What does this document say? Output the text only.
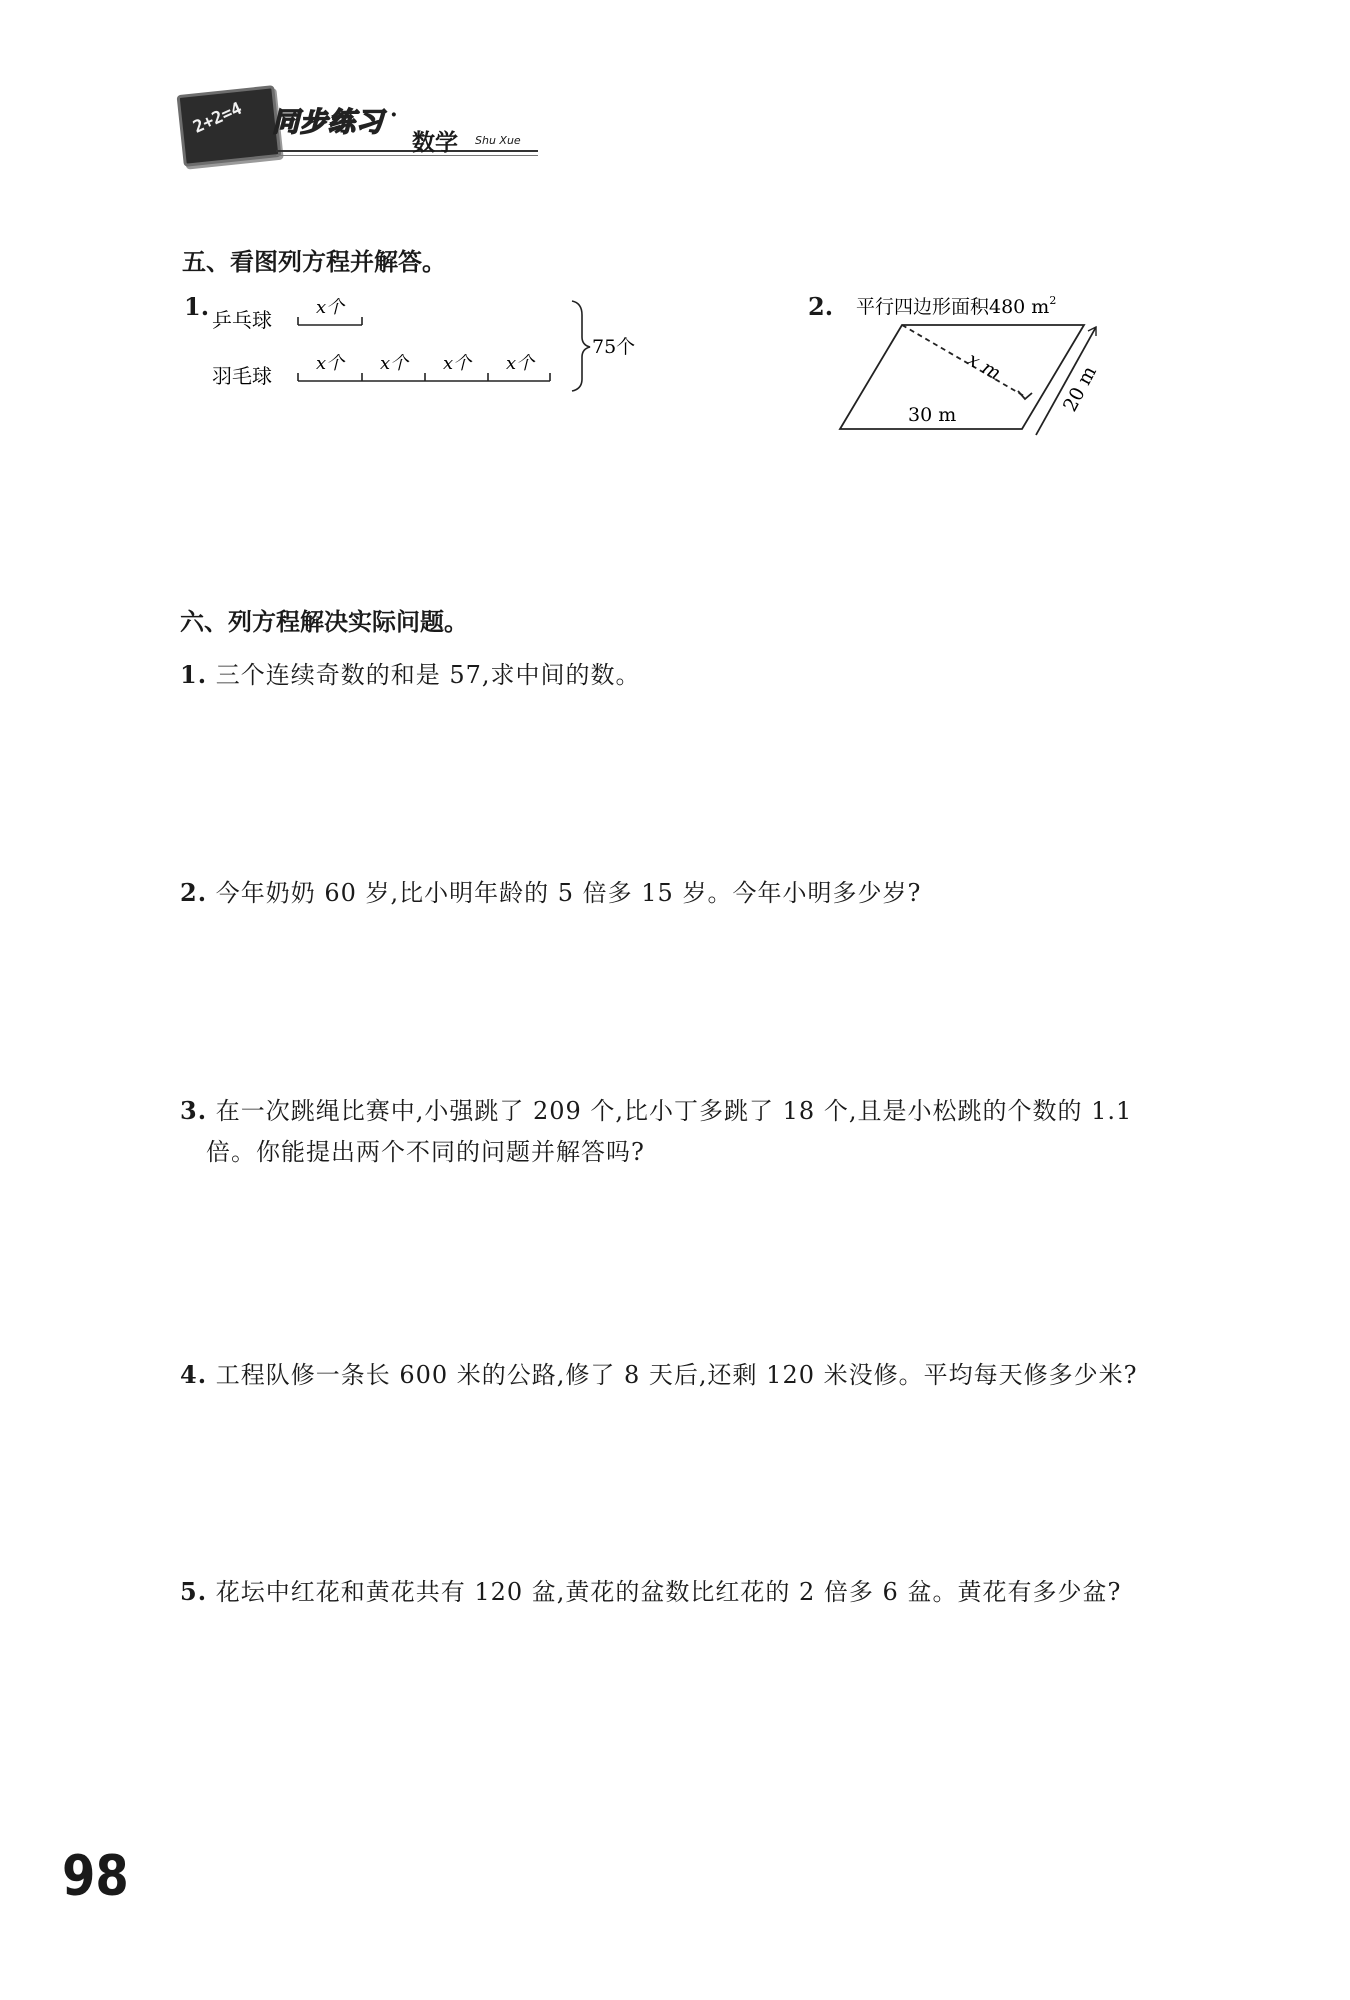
2+2=4 同步练习 ·
数学 Shu Xue
五、看图列方程并解答。
1. 乒乓球
羽毛球
x个
x个 x个 x个 x个
75个
2. 平行四边形面积480 $m^2$
x m	20 m
30 m
六、列方程解决实际问题。
1. 三个连续奇数的和是 57,求中间的数。
2. 今年奶奶 60 岁,比小明年龄的 5 倍多 15 岁。今年小明多少岁?
3. 在一次跳绳比赛中,小强跳了 209 个,比小丁多跳了 18 个,且是小松跳的个数的 1.1
倍。你能提出两个不同的问题并解答吗?
4. 工程队修一条长 600 米的公路,修了 8 天后,还剩 120 米没修。平均每天修多少米?
5. 花坛中红花和黄花共有 120 盆,黄花的盆数比红花的 2 倍多 6 盆。黄花有多少盆?
98
